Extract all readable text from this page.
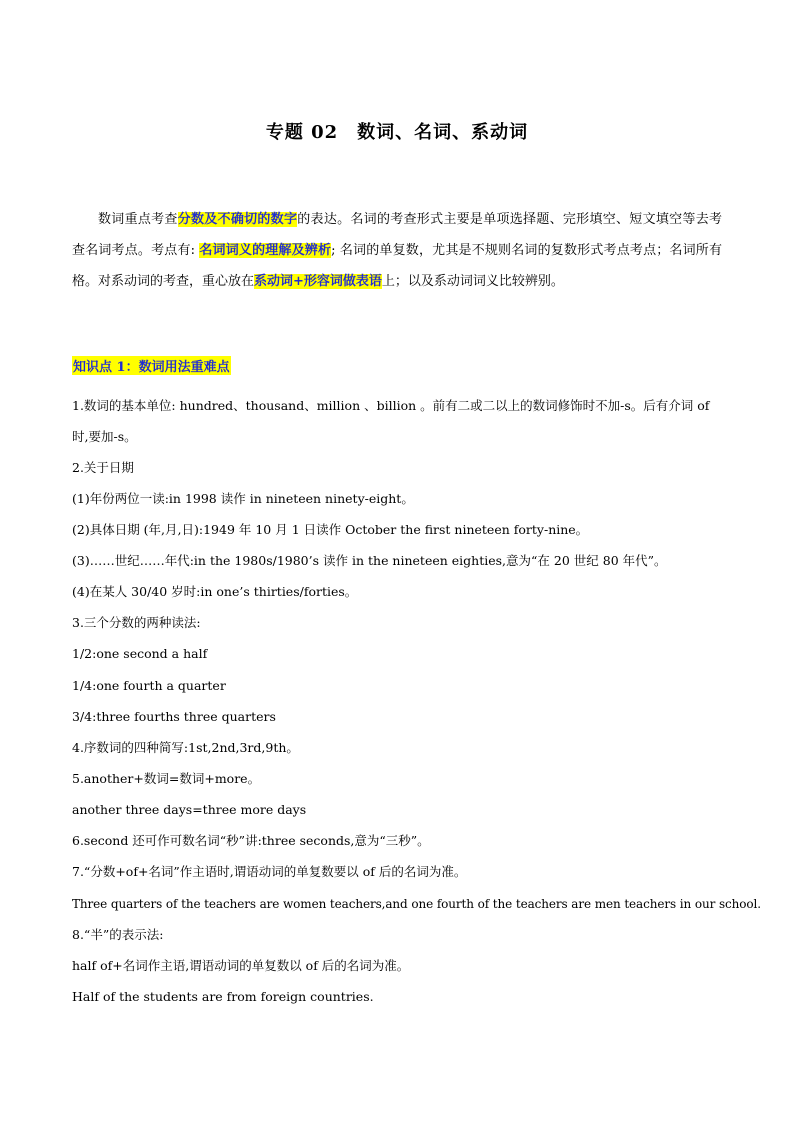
专题 02　数词、名词、系动词

数词重点考查分数及不确切的数字的表达。名词的考查形式主要是单项选择题、完形填空、短文填空等去考查名词考点。考点有: 名词词义的理解及辨析; 名词的单复数，尤其是不规则名词的复数形式考点考点；名词所有格。对系动词的考查，重心放在系动词+形容词做表语上；以及系动词词义比较辨别。

知识点 1：数词用法重难点
1.数词的基本单位: hundred、thousand、million 、billion 。前有二或二以上的数词修饰时不加-s。后有介词 of 时,要加-s。
2.关于日期
(1)年份两位一读:in 1998 读作 in nineteen ninety-eight。
(2)具体日期 (年,月,日):1949 年 10 月 1 日读作 October the first nineteen forty-nine。
(3)……世纪……年代:in the 1980s/1980’s 读作 in the nineteen eighties,意为“在 20 世纪 80 年代”。
(4)在某人 30/40 岁时:in one’s thirties/forties。
3.三个分数的两种读法:
1/2:one second a half
1/4:one fourth a quarter
3/4:three fourths three quarters
4.序数词的四种简写:1st,2nd,3rd,9th。
5.another+数词=数词+more。
another three days=three more days
6.second 还可作可数名词“秒”讲:three seconds,意为“三秒”。
7.“分数+of+名词”作主语时,谓语动词的单复数要以 of 后的名词为准。
Three quarters of the teachers are women teachers,and one fourth of the teachers are men teachers in our school.
8.“半”的表示法:
half of+名词作主语,谓语动词的单复数以 of 后的名词为准。
Half of the students are from foreign countries.
